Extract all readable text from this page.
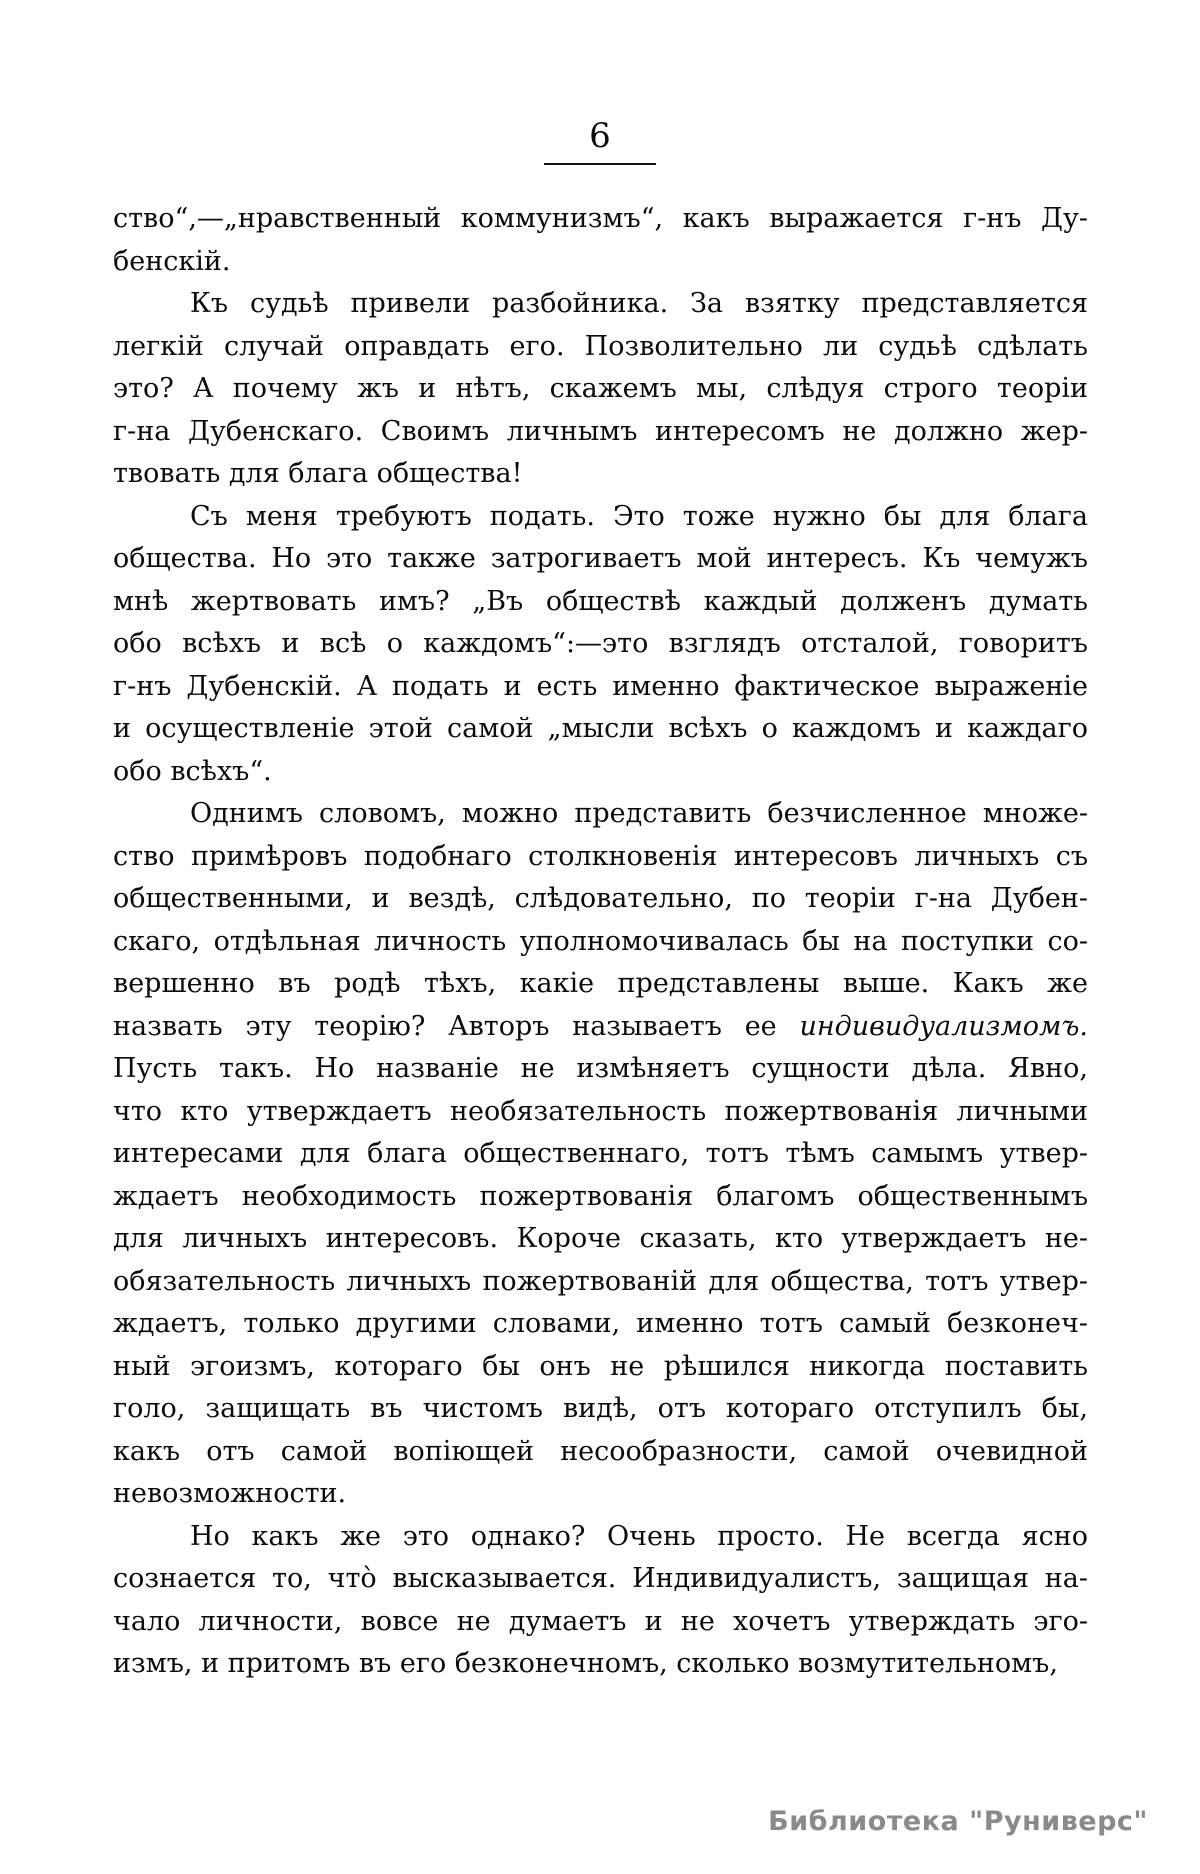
6

ство“,—„нравственный коммунизмъ“, какъ выражается г-нъ Ду-
бенскій.

Къ судьѣ привели разбойника. За взятку представляется
легкій случай оправдать его. Позволительно ли судьѣ сдѣлать
это? А почему жъ и нѣтъ, скажемъ мы, слѣдуя строго теоріи
г-на Дубенскаго. Своимъ личнымъ интересомъ не должно жер-
твовать для блага общества!

Съ меня требуютъ подать. Это тоже нужно бы для блага
общества. Но это также затрогиваетъ мой интересъ. Къ чемужъ
мнѣ жертвовать имъ? „Въ обществѣ каждый долженъ думать
обо всѣхъ и всѣ о каждомъ“:—это взглядъ отсталой, говоритъ
г-нъ Дубенскій. А подать и есть именно фактическое выраженіе
и осуществленіе этой самой „мысли всѣхъ о каждомъ и каждаго
обо всѣхъ“.

Однимъ словомъ, можно представить безчисленное множе-
ство примѣровъ подобнаго столкновенія интересовъ личныхъ съ
общественными, и вездѣ, слѣдовательно, по теоріи г-на Дубен-
скаго, отдѣльная личность уполномочивалась бы на поступки со-
вершенно въ родѣ тѣхъ, какіе представлены выше. Какъ же
назвать эту теорію? Авторъ называетъ ее индивидуализмомъ.
Пусть такъ. Но названіе не измѣняетъ сущности дѣла. Явно,
что кто утверждаетъ необязательность пожертвованія личными
интересами для блага общественнаго, тотъ тѣмъ самымъ утвер-
ждаетъ необходимость пожертвованія благомъ общественнымъ
для личныхъ интересовъ. Короче сказать, кто утверждаетъ не-
обязательность личныхъ пожертвованій для общества, тотъ утвер-
ждаетъ, только другими словами, именно тотъ самый безконеч-
ный эгоизмъ, котораго бы онъ не рѣшился никогда поставить
голо, защищать въ чистомъ видѣ, отъ котораго отступилъ бы,
какъ отъ самой вопіющей несообразности, самой очевидной
невозможности.

Но какъ же это однако? Очень просто. Не всегда ясно
сознается то, что̀ высказывается. Индивидуалистъ, защищая на-
чало личности, вовсе не думаетъ и не хочетъ утверждать эго-
измъ, и притомъ въ его безконечномъ, сколько возмутительномъ,

Библиотека "Руниверс"
